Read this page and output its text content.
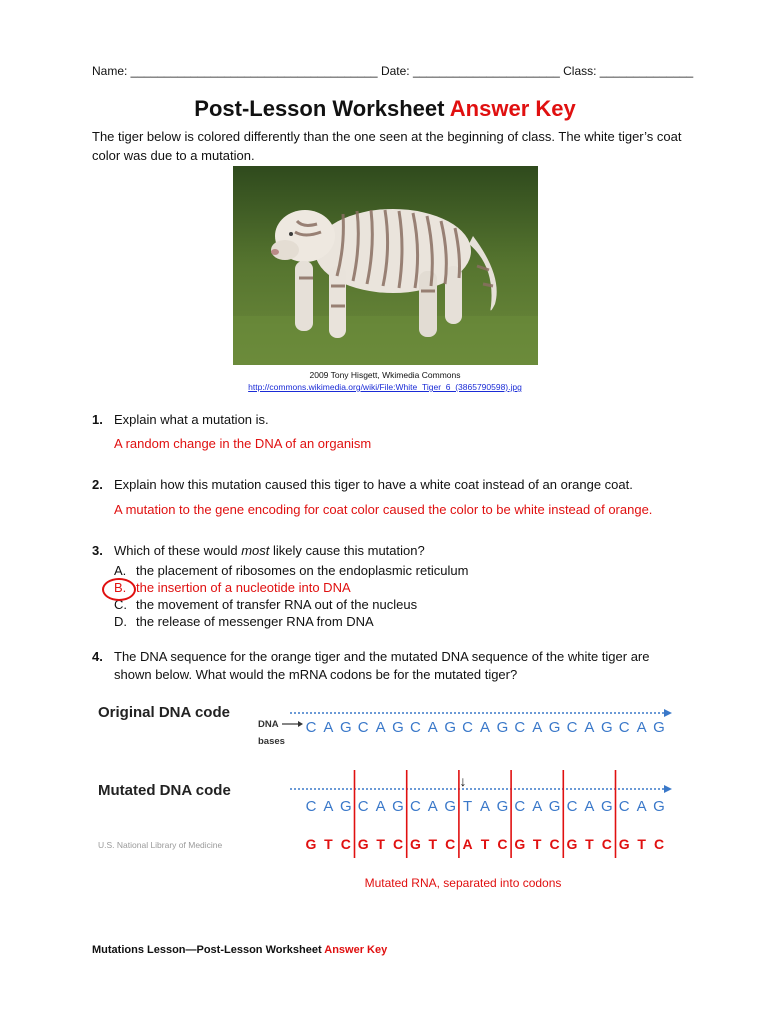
Name: _____________________________________ Date: ______________________ Class: ______________
Post-Lesson Worksheet Answer Key
The tiger below is colored differently than the one seen at the beginning of class. The white tiger’s coat color was due to a mutation.
2009 Tony Hisgett, Wkimedia Commons
http://commons.wikimedia.org/wiki/File:White_Tiger_6_(3865790598).jpg
1. Explain what a mutation is.
A random change in the DNA of an organism
2. Explain how this mutation caused this tiger to have a white coat instead of an orange coat.
A mutation to the gene encoding for coat color caused the color to be white instead of orange.
3. Which of these would most likely cause this mutation?
A. the placement of ribosomes on the endoplasmic reticulum
B. the insertion of a nucleotide into DNA
C. the movement of transfer RNA out of the nucleus
D. the release of messenger RNA from DNA
4. The DNA sequence for the orange tiger and the mutated DNA sequence of the white tiger are shown below. What would the mRNA codons be for the mutated tiger?
Original DNA code
DNA
bases
Mutated DNA code
↓
U.S. National Library of Medicine
Mutated RNA, separated into codons
C A G C A G C A G C A G C A G C A G C A G
C A G C A G C A G T A G C A G C A G C A G
G T C G T C G T C A T C G T C G T C G T C
Mutations Lesson—Post-Lesson Worksheet Answer Key
